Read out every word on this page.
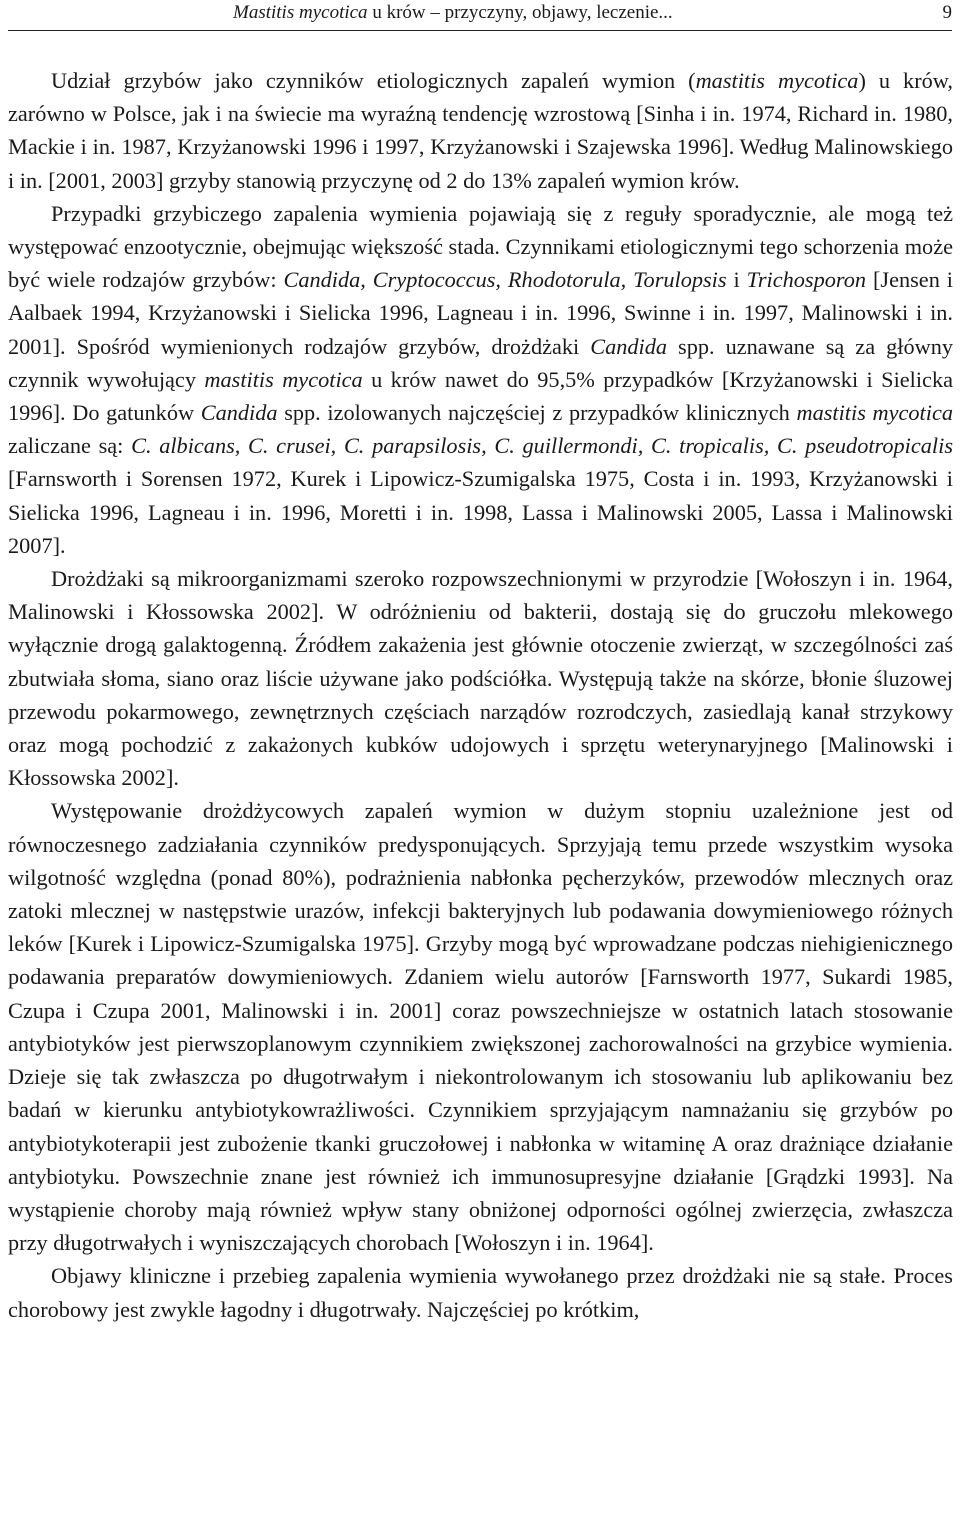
Mastitis mycotica u krów – przyczyny, objawy, leczenie...	9

Udział grzybów jako czynników etiologicznych zapaleń wymion (mastitis mycotica) u krów, zarówno w Polsce, jak i na świecie ma wyraźną tendencję wzrostową [Sinha i in. 1974, Richard in. 1980, Mackie i in. 1987, Krzyżanowski 1996 i 1997, Krzyżanowski i Szajewska 1996]. Według Malinowskiego i in. [2001, 2003] grzyby stanowią przyczynę od 2 do 13% zapaleń wymion krów.

Przypadki grzybiczego zapalenia wymienia pojawiają się z reguły sporadycznie, ale mogą też występować enzootycznie, obejmując większość stada. Czynnikami etiologicznymi tego schorzenia może być wiele rodzajów grzybów: Candida, Cryptococcus, Rhodotorula, Torulopsis i Trichosporon [Jensen i Aalbaek 1994, Krzyżanowski i Sielicka 1996, Lagneau i in. 1996, Swinne i in. 1997, Malinowski i in. 2001]. Spośród wymienionych rodzajów grzybów, drożdżaki Candida spp. uznawane są za główny czynnik wywołujący mastitis mycotica u krów nawet do 95,5% przypadków [Krzyżanowski i Sielicka 1996]. Do gatunków Candida spp. izolowanych najczęściej z przypadków klinicznych mastitis mycotica zaliczane są: C. albicans, C. crusei, C. parapsilosis, C. guillermondi, C. tropicalis, C. pseudotropicalis [Farnsworth i Sorensen 1972, Kurek i Lipowicz-Szumigalska 1975, Costa i in. 1993, Krzyżanowski i Sielicka 1996, Lagneau i in. 1996, Moretti i in. 1998, Lassa i Malinowski 2005, Lassa i Malinowski 2007].

Drożdżaki są mikroorganizmami szeroko rozpowszechnionymi w przyrodzie [Wołoszyn i in. 1964, Malinowski i Kłossowska 2002]. W odróżnieniu od bakterii, dostają się do gruczołu mlekowego wyłącznie drogą galaktogenną. Źródłem zakażenia jest głównie otoczenie zwierząt, w szczególności zaś zbutwiała słoma, siano oraz liście używane jako podściółka. Występują także na skórze, błonie śluzowej przewodu pokarmowego, zewnętrznych częściach narządów rozrodczych, zasiedlają kanał strzykowy oraz mogą pochodzić z zakażonych kubków udojowych i sprzętu weterynaryjnego [Malinowski i Kłossowska 2002].

Występowanie drożdżycowych zapaleń wymion w dużym stopniu uzależnione jest od równoczesnego zadziałania czynników predysponujących. Sprzyjają temu przede wszystkim wysoka wilgotność względna (ponad 80%), podrażnienia nabłonka pęcherzyków, przewodów mlecznych oraz zatoki mlecznej w następstwie urazów, infekcji bakteryjnych lub podawania dowymieniowego różnych leków [Kurek i Lipowicz-Szumigalska 1975]. Grzyby mogą być wprowadzane podczas niehigienicznego podawania preparatów dowymieniowych. Zdaniem wielu autorów [Farnsworth 1977, Sukardi 1985, Czupa i Czupa 2001, Malinowski i in. 2001] coraz powszechniejsze w ostatnich latach stosowanie antybiotyków jest pierwszoplanowym czynnikiem zwiększonej zachorowalności na grzybice wymienia. Dzieje się tak zwłaszcza po długotrwałym i niekontrolowanym ich stosowaniu lub aplikowaniu bez badań w kierunku antybiotykowrażliwości. Czynnikiem sprzyjającym namnażaniu się grzybów po antybiotykoterapii jest zubożenie tkanki gruczołowej i nabłonka w witaminę A oraz drażniące działanie antybiotyku. Powszechnie znane jest również ich immunosupresyjne działanie [Grądzki 1993]. Na wystąpienie choroby mają również wpływ stany obniżonej odporności ogólnej zwierzęcia, zwłaszcza przy długotrwałych i wyniszczających chorobach [Wołoszyn i in. 1964].

Objawy kliniczne i przebieg zapalenia wymienia wywołanego przez drożdżaki nie są stałe. Proces chorobowy jest zwykle łagodny i długotrwały. Najczęściej po krótkim,
